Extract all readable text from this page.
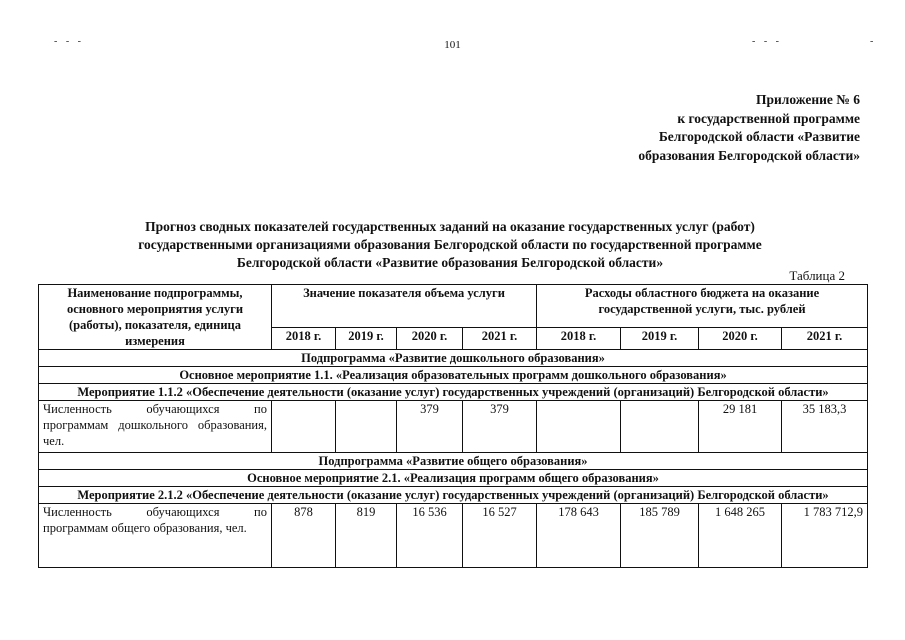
- - -	- - -	-
101
Приложение № 6
к государственной программе
Белгородской области «Развитие
образования Белгородской области»
Прогноз сводных показателей государственных заданий на оказание государственных услуг (работ)
государственными организациями образования Белгородской области по государственной программе
Белгородской области «Развитие образования Белгородской области»
Таблица 2
Наименование подпрограммы, основного мероприятия услуги (работы), показателя, единица измерения	Значение показателя объема услуги				Расходы областного бюджета на оказание государственной услуги, тыс. рублей			
	2018 г.	2019 г.	2020 г.	2021 г.	2018 г.	2019 г.	2020 г.	2021 г.
Подпрограмма «Развитие дошкольного образования»								
Основное мероприятие 1.1. «Реализация образовательных программ дошкольного образования»								
Мероприятие 1.1.2 «Обеспечение деятельности (оказание услуг) государственных учреждений (организаций) Белгородской области»								
Численность обучающихся по программам дошкольного образования, чел.			379	379			29 181	35 183,3
Подпрограмма «Развитие общего образования»								
Основное мероприятие 2.1. «Реализация программ общего образования»								
Мероприятие 2.1.2 «Обеспечение деятельности (оказание услуг) государственных учреждений (организаций) Белгородской области»								
Численность обучающихся по программам общего образования, чел.	878	819	16 536	16 527	178 643	185 789	1 648 265	1 783 712,9
